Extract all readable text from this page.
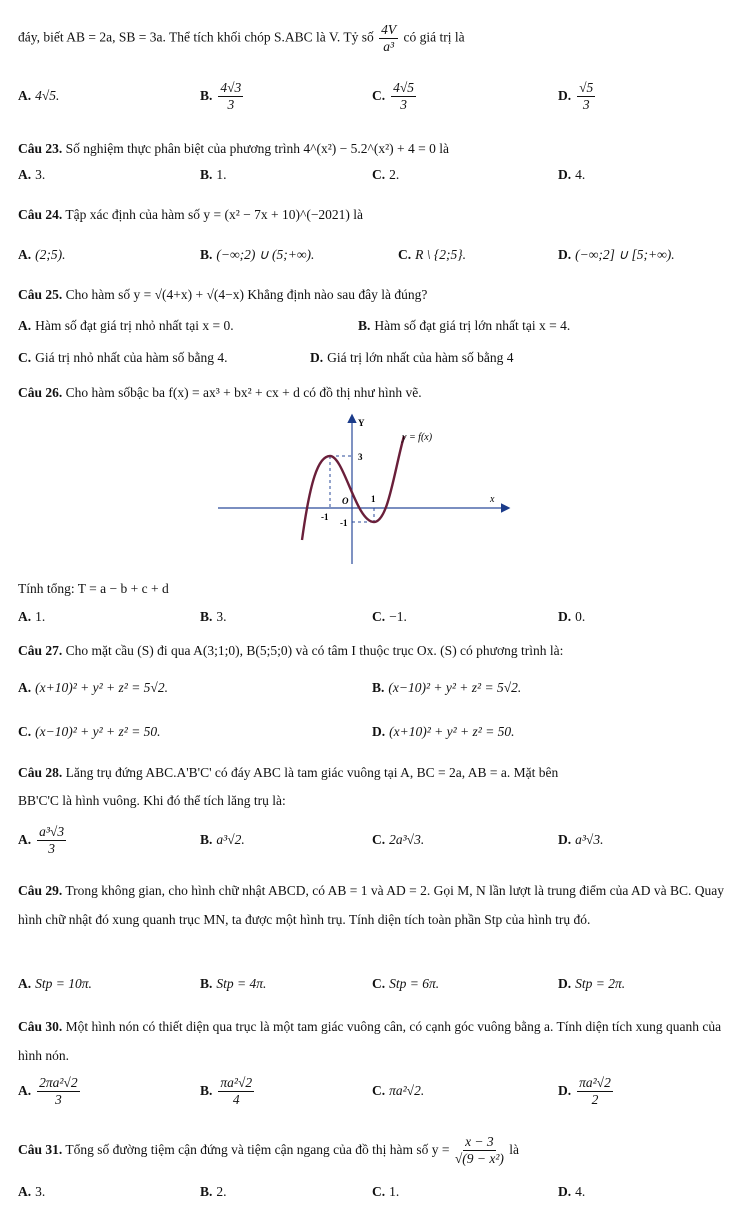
đáy, biết AB = 2a, SB = 3a. Thể tích khối chóp S.ABC là V. Tỷ số $\frac{4V}{\text{a³}}$ có giá trị là
A. 4√5.	B. $\frac{4√3}{3}$	C. $\frac{4√5}{3}$	D. $\frac{√5}{3}$
Câu 23. Số nghiệm thực phân biệt của phương trình 4^(x²) − 5.2^(x²) + 4 = 0 là
A. 3.	B. 1.	C. 2.	D. 4.
Câu 24. Tập xác định của hàm số y = (x² − 7x + 10)^(−2021) là
A. (2;5).	B. (−∞;2) ∪ (5;+∞).	C. R \ {2;5}.	D. (−∞;2] ∪ [5;+∞).
Câu 25. Cho hàm số y = √(4+x) + √(4−x) Khẳng định nào sau đây là đúng?
A. Hàm số đạt giá trị nhỏ nhất tại x = 0.	B. Hàm số đạt giá trị lớn nhất tại x = 4.
C. Giá trị nhỏ nhất của hàm số bằng 4.	D. Giá trị lớn nhất của hàm số bằng 4
Câu 26. Cho hàm sốbậc ba f(x) = ax³ + bx² + cx + d có đồ thị như hình vẽ.
Y
x
y = f(x)
3
O	1
-1
-1
Tính tổng: T = a − b + c + d
A. 1.	B. 3.	C. −1.	D. 0.
Câu 27. Cho mặt cầu (S) đi qua A(3;1;0), B(5;5;0) và có tâm I thuộc trục Ox. (S) có phương trình là:
A. (x+10)² + y² + z² = 5√2.	B. (x−10)² + y² + z² = 5√2.
C. (x−10)² + y² + z² = 50.	D. (x+10)² + y² + z² = 50.
Câu 28. Lăng trụ đứng ABC.A'B'C' có đáy ABC là tam giác vuông tại A, BC = 2a, AB = a. Mặt bên
BB'C'C là hình vuông. Khi đó thể tích lăng trụ là:
A. $\frac{\text{a³√3}}{3}$	B. a³√2.	C. 2a³√3.	D. a³√3.
Câu 29. Trong không gian, cho hình chữ nhật ABCD, có AB = 1 và AD = 2. Gọi M, N lần lượt là trung điểm của AD và BC. Quay hình chữ nhật đó xung quanh trục MN, ta được một hình trụ. Tính diện tích toàn phần Stp của hình trụ đó.
A. Stp = 10π.	B. Stp = 4π.	C. Stp = 6π.	D. Stp = 2π.
Câu 30. Một hình nón có thiết diện qua trục là một tam giác vuông cân, có cạnh góc vuông bằng a. Tính diện tích xung quanh của hình nón.
A. $\frac{\text{2πa²√2}}{3}$	B. $\frac{\text{πa²√2}}{4}$	C. πa²√2.	D. $\frac{\text{πa²√2}}{2}$
Câu 31. Tổng số đường tiệm cận đứng và tiệm cận ngang của đồ thị hàm số $y = \frac{x - 3}{\text{√(9 − x²)}}$ là
A. 3.	B. 2.	C. 1.	D. 4.
